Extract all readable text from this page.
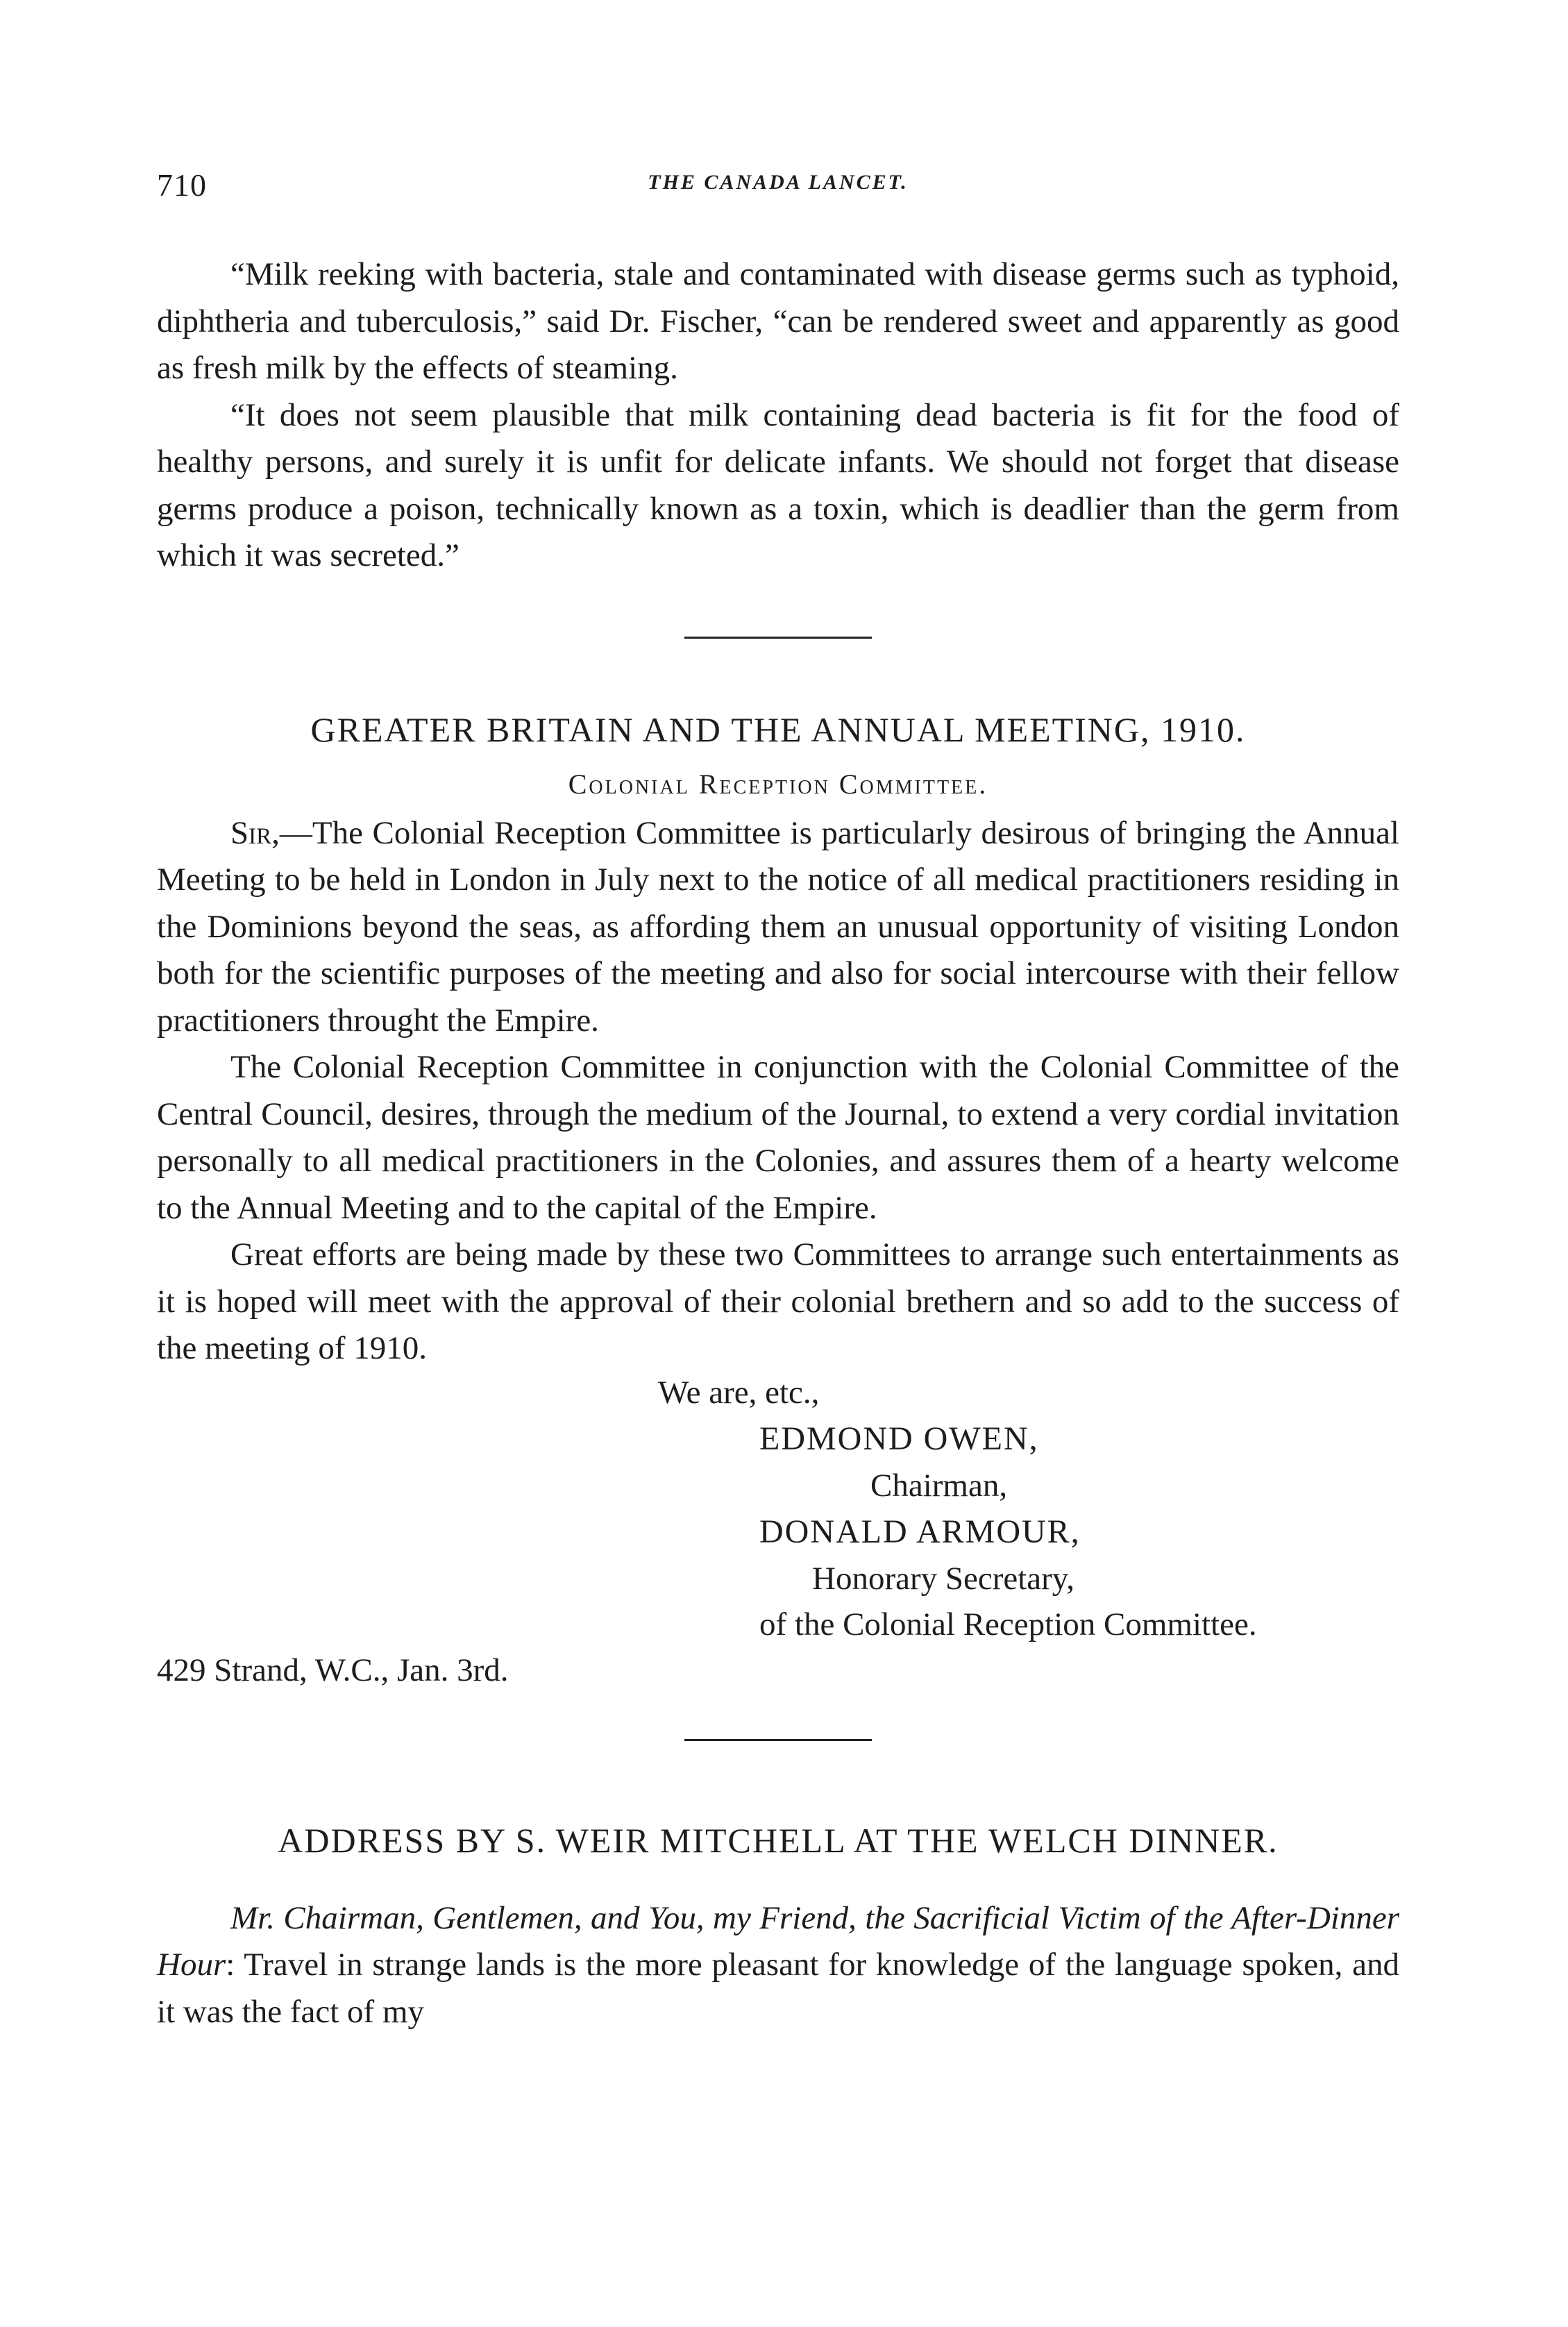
710	THE CANADA LANCET.

“Milk reeking with bacteria, stale and contaminated with disease germs such as typhoid, diphtheria and tuberculosis,” said Dr. Fischer, “can be rendered sweet and apparently as good as fresh milk by the effects of steaming.

“It does not seem plausible that milk containing dead bacteria is fit for the food of healthy persons, and surely it is unfit for delicate infants. We should not forget that disease germs produce a poison, technically known as a toxin, which is deadlier than the germ from which it was secreted.”

GREATER BRITAIN AND THE ANNUAL MEETING, 1910.
Colonial Reception Committee.

Sir,—The Colonial Reception Committee is particularly desirous of bringing the Annual Meeting to be held in London in July next to the notice of all medical practitioners residing in the Dominions beyond the seas, as affording them an unusual opportunity of visiting London both for the scientific purposes of the meeting and also for social intercourse with their fellow practitioners throught the Empire.

The Colonial Reception Committee in conjunction with the Colonial Committee of the Central Council, desires, through the medium of the Journal, to extend a very cordial invitation personally to all medical practitioners in the Colonies, and assures them of a hearty welcome to the Annual Meeting and to the capital of the Empire.

Great efforts are being made by these two Committees to arrange such entertainments as it is hoped will meet with the approval of their colonial brethern and so add to the success of the meeting of 1910.

We are, etc.,
EDMOND OWEN,
Chairman,
DONALD ARMOUR,
Honorary Secretary,
of the Colonial Reception Committee.
429 Strand, W.C., Jan. 3rd.
ADDRESS BY S. WEIR MITCHELL AT THE WELCH DINNER.

Mr. Chairman, Gentlemen, and You, my Friend, the Sacrificial Victim of the After-Dinner Hour: Travel in strange lands is the more pleasant for knowledge of the language spoken, and it was the fact of my
